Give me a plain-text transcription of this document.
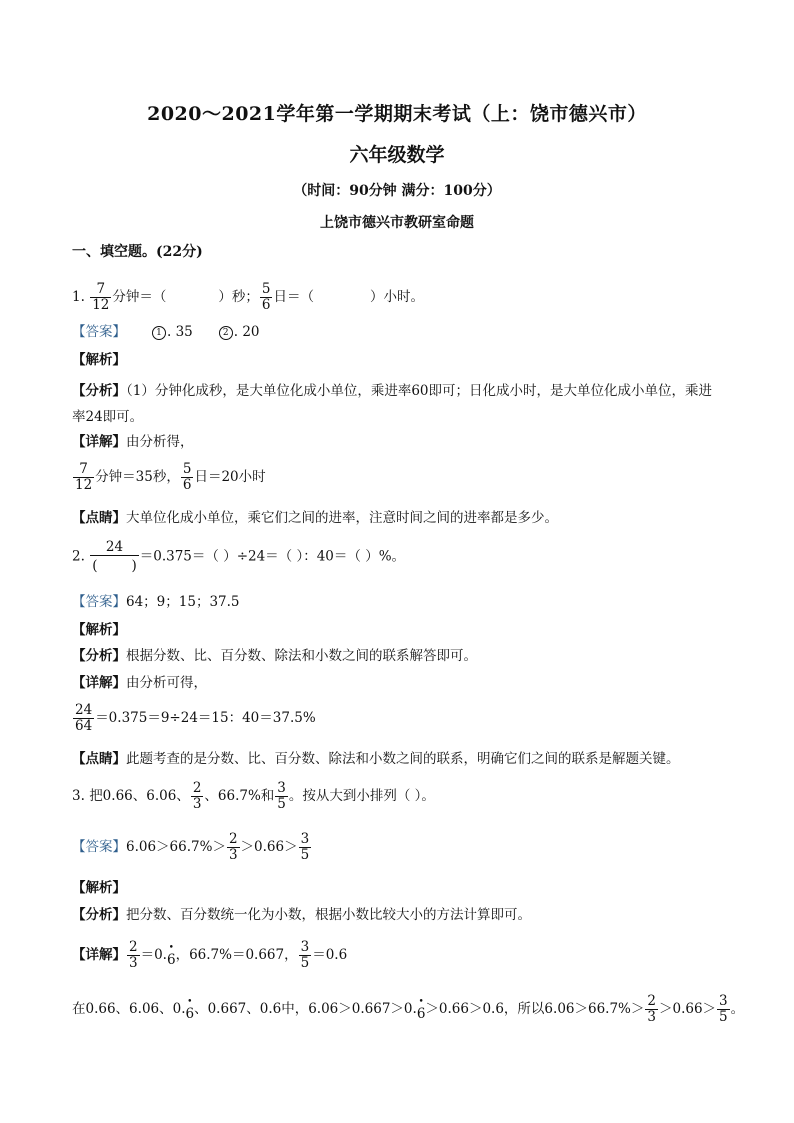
2020～2021学年第一学期期末考试（上：饶市德兴市）
六年级数学
（时间：90分钟 满分：100分）
上饶市德兴市教研室命题
一、填空题。(22分)
1. $\frac{7}{12}$ 分钟＝（	）秒； $\frac{5}{6}$ 日＝（	）小时。
【答案】	1 . 35	2 . 20
【解析】
【分析】（1）分钟化成秒，是大单位化成小单位，乘进率60即可；日化成小时，是大单位化成小单位，乘进率24即可。
【详解】由分析得，
$\frac{7}{12}$ 分钟＝35秒， $\frac{5}{6}$ 日＝20小时
【点睛】大单位化成小单位，乘它们之间的进率，注意时间之间的进率都是多少。
2. 24
(	) ＝0.375＝（ ）÷24＝（ ）：40＝（ ）%。
【答案】64；9；15；37.5
【解析】
【分析】根据分数、比、百分数、除法和小数之间的联系解答即可。
【详解】由分析可得，
$\frac{24}{64} =0.375=9\div 24=15$：40＝37.5%
【点睛】此题考查的是分数、比、百分数、除法和小数之间的联系，明确它们之间的联系是解题关键。
3. 把0.66、6.06、 $\frac{2}{3}$ 、66.7%和 $\frac{3}{5}$ 。按从大到小排列（ ）。
【答案】$6.06>66.7\%> \frac{2}{3} >0.66> \frac{3}{5}$
【解析】
【分析】把分数、百分数统一化为小数，根据小数比较大小的方法计算即可。
【详解】 $\frac{2}{3} =0$. •
6 ，66.7%＝0.667， $\frac{3}{5} =0.6$
在0.66、6.06、0. •
6 、0.667、0.6中，6.06＞0.667＞0. •
6 ＞0.66＞0.6，所以$6.06>66.7\%> \frac{2}{3} >0.66> \frac{3}{5}$ 。
